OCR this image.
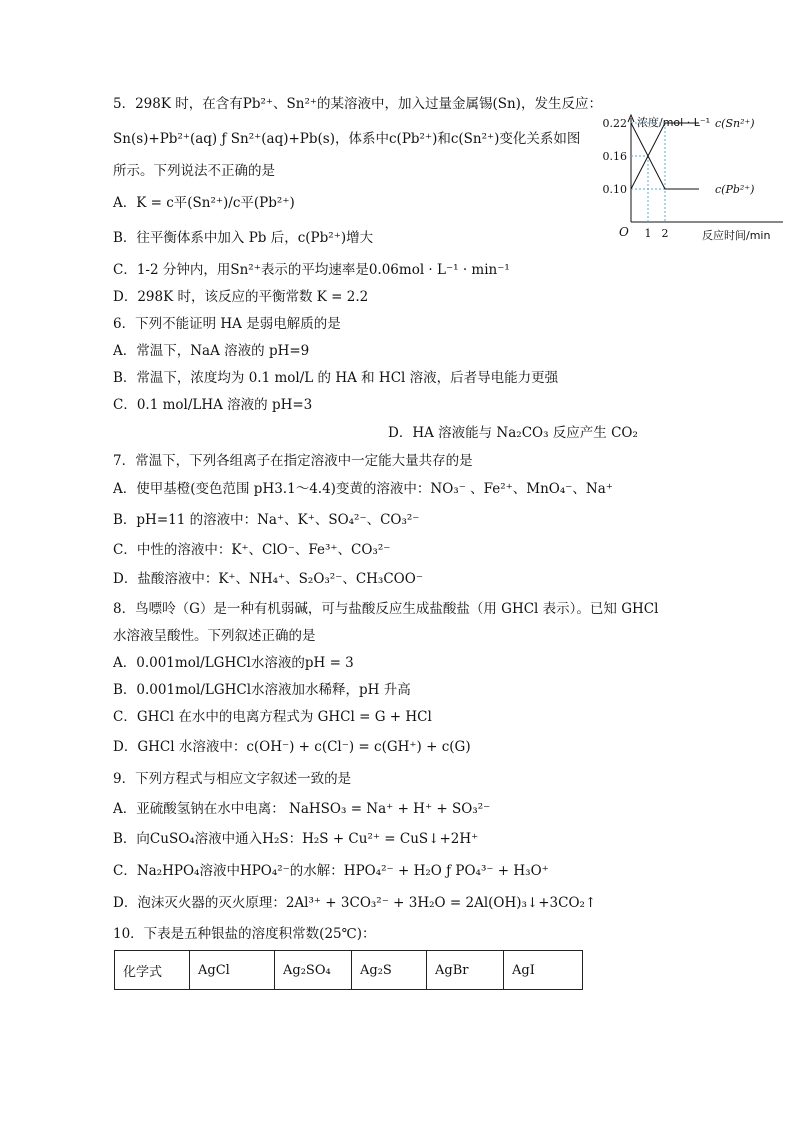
5．298K 时，在含有Pb²⁺、Sn²⁺的某溶液中，加入过量金属锡(Sn)，发生反应：
Sn(s)+Pb²⁺(aq) ƒ Sn²⁺(aq)+Pb(s)，体系中c(Pb²⁺)和c(Sn²⁺)变化关系如图
所示。下列说法不正确的是
A．K = c平(Sn²⁺)/c平(Pb²⁺)
B．往平衡体系中加入 Pb 后，c(Pb²⁺)增大
C．1-2 分钟内，用Sn²⁺表示的平均速率是0.06mol · L⁻¹ · min⁻¹
D．298K 时，该反应的平衡常数 K = 2.2
6．下列不能证明 HA 是弱电解质的是
A．常温下，NaA 溶液的 pH=9
B．常温下，浓度均为 0.1 mol/L 的 HA 和 HCl 溶液，后者导电能力更强
C．0.1 mol/LHA 溶液的 pH=3
D．HA 溶液能与 Na₂CO₃ 反应产生 CO₂
7．常温下，下列各组离子在指定溶液中一定能大量共存的是
A．使甲基橙(变色范围 pH3.1～4.4)变黄的溶液中：NO₃⁻ 、Fe²⁺、MnO₄⁻、Na⁺
B．pH=11 的溶液中：Na⁺、K⁺、SO₄²⁻、CO₃²⁻
C．中性的溶液中：K⁺、ClO⁻、Fe³⁺、CO₃²⁻
D．盐酸溶液中：K⁺、NH₄⁺、S₂O₃²⁻、CH₃COO⁻
8．鸟嘌呤（G）是一种有机弱碱，可与盐酸反应生成盐酸盐（用 GHCl 表示）。已知 GHCl
水溶液呈酸性。下列叙述正确的是
A．0.001mol/LGHCl水溶液的pH = 3
B．0.001mol/LGHCl水溶液加水稀释，pH 升高
C．GHCl 在水中的电离方程式为 GHCl = G + HCl
D．GHCl 水溶液中：c(OH⁻) + c(Cl⁻) = c(GH⁺) + c(G)
9．下列方程式与相应文字叙述一致的是
A．亚硫酸氢钠在水中电离： NaHSO₃ = Na⁺ + H⁺ + SO₃²⁻
B．向CuSO₄溶液中通入H₂S：H₂S + Cu²⁺ = CuS↓+2H⁺
C．Na₂HPO₄溶液中HPO₄²⁻的水解：HPO₄²⁻ + H₂O ƒ PO₄³⁻ + H₃O⁺
D．泡沫灭火器的灭火原理：2Al³⁺ + 3CO₃²⁻ + 3H₂O = 2Al(OH)₃↓+3CO₂↑
10．下表是五种银盐的溶度积常数(25℃)：
化学式	AgCl	Ag₂SO₄	Ag₂S	AgBr	AgI
浓度/mol · L⁻¹
反应时间/min
O
0.22
0.16
0.10
1 2
c(Sn²⁺)
c(Pb²⁺)
